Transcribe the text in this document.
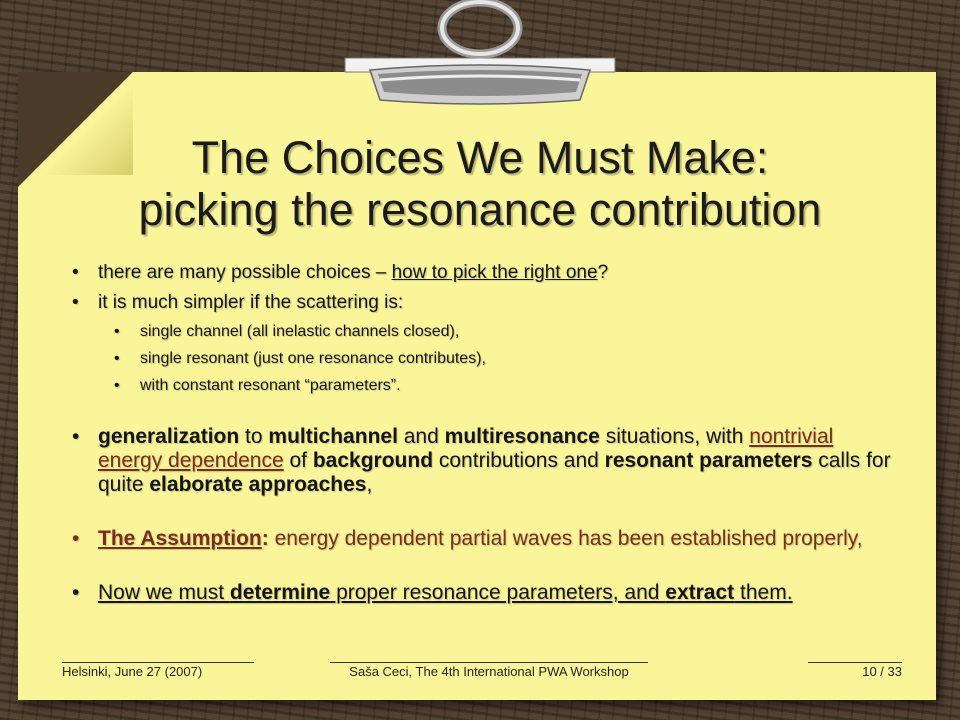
The Choices We Must Make:
picking the resonance contribution
• there are many possible choices – how to pick the right one?
• it is much simpler if the scattering is:
• single channel (all inelastic channels closed),
• single resonant (just one resonance contributes),
• with constant resonant “parameters”.
• generalization to multichannel and multiresonance situations, with nontrivial energy dependence of background contributions and resonant parameters calls for quite elaborate approaches,
• The Assumption: energy dependent partial waves has been established properly,
• Now we must determine proper resonance parameters, and extract them.
Helsinki, June 27 (2007)	Saša Ceci, The 4th International PWA Workshop	10 / 33
